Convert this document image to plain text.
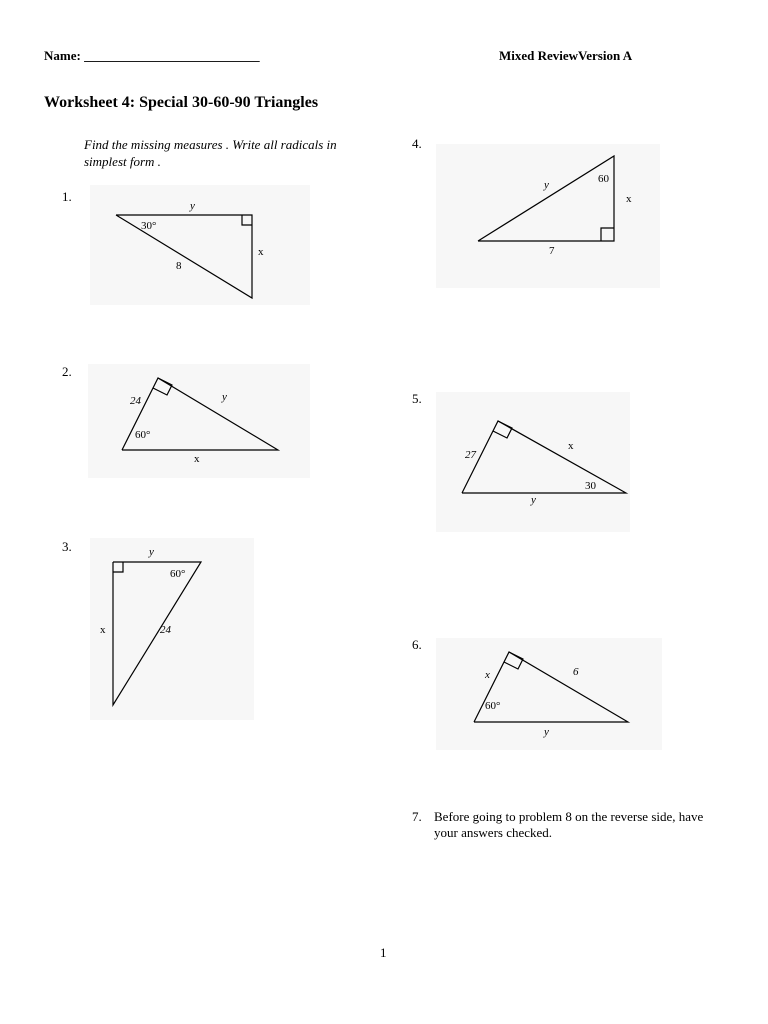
Name: ___________________________	Mixed ReviewVersion A
Worksheet 4: Special 30-60-90 Triangles
Find the missing measures . Write all radicals in
simplest form .
1.
2.
3.
4.
5.
6.
y
30°
8
x
24
60°
y
x
y
60°
x	24
y	60
x
7
27
x
30
y
x	6
60°
y
7. Before going to problem 8 on the reverse side, have
your answers checked.
1
